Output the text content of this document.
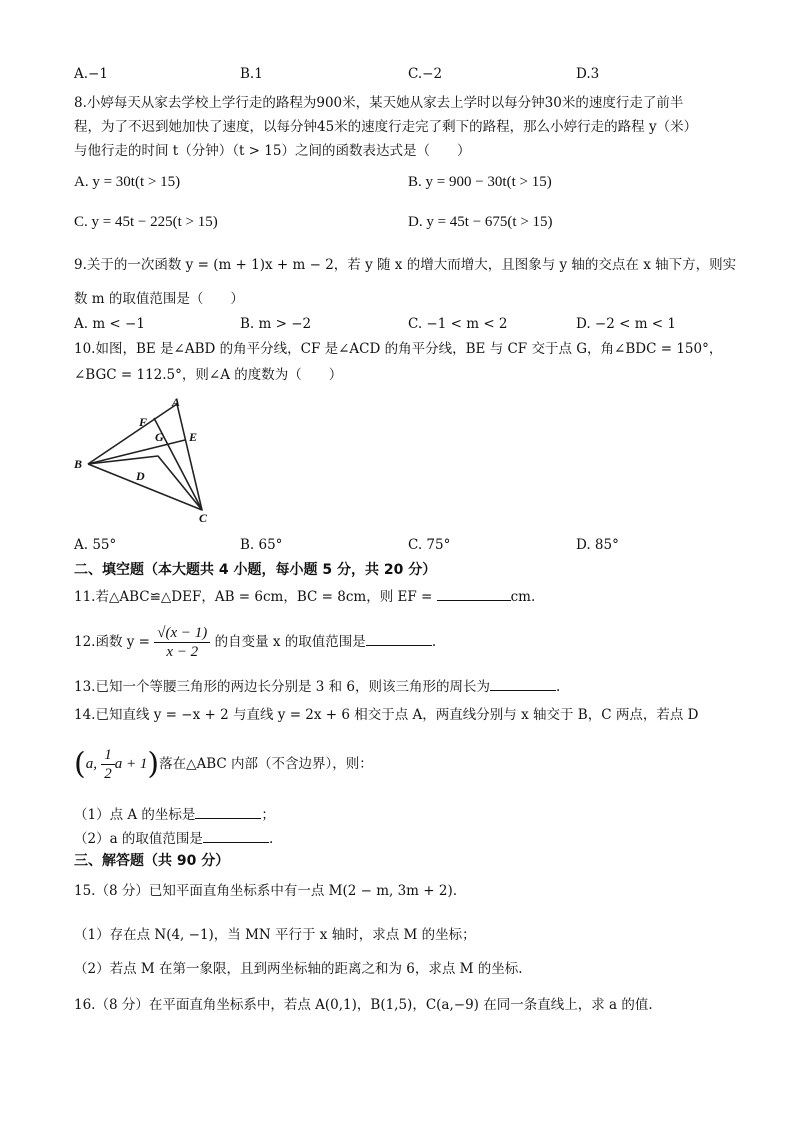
A.−1	B.1	C.−2	D.3
8.小婷每天从家去学校上学行走的路程为900米，某天她从家去上学时以每分钟30米的速度行走了前半
程，为了不迟到她加快了速度，以每分钟45米的速度行走完了剩下的路程，那么小婷行走的路程 y（米）
与他行走的时间 t（分钟）（t > 15）之间的函数表达式是（　　）
A. y = 30t(t > 15)	B. y = 900 − 30t(t > 15)
C. y = 45t − 225(t > 15)	D. y = 45t − 675(t > 15)
9.关于的一次函数 y = (m + 1)x + m − 2，若 y 随 x 的增大而增大，且图象与 y 轴的交点在 x 轴下方，则实
数 m 的取值范围是（　　）
A. m < −1	B. m > −2	C. −1 < m < 2	D. −2 < m < 1
10.如图，BE 是∠ABD 的角平分线，CF 是∠ACD 的角平分线，BE 与 CF 交于点 G，角∠BDC = 150°，
∠BGC = 112.5°，则∠A 的度数为（　　）
A
F
G E
B
D
C
A. 55°	B. 65°	C. 75°	D. 85°
二、填空题（本大题共 4 小题，每小题 5 分，共 20 分）
11.若△ABC≌△DEF，AB = 6cm，BC = 8cm，则 EF =	cm.
12.函数 $y = \frac{√(x - 1)}{x - 2}$ 的自变量 x 的取值范围是	.
13.已知一个等腰三角形的两边长分别是 3 和 6，则该三角形的周长为	.
14.已知直线 y = −x + 2 与直线 y = 2x + 6 相交于点 A，两直线分别与 x 轴交于 B，C 两点，若点 D
(a, $\frac{1}{2}$ a + 1)落在△ABC 内部（不含边界），则：
（1）点 A 的坐标是	；
（2）a 的取值范围是	.
三、解答题（共 90 分）
15.（8 分）已知平面直角坐标系中有一点 M(2 − m, 3m + 2).
（1）存在点 N(4, −1)，当 MN 平行于 x 轴时，求点 M 的坐标；
（2）若点 M 在第一象限，且到两坐标轴的距离之和为 6，求点 M 的坐标.
16.（8 分）在平面直角坐标系中，若点 A(0,1)，B(1,5)，C(a,−9) 在同一条直线上，求 a 的值.
